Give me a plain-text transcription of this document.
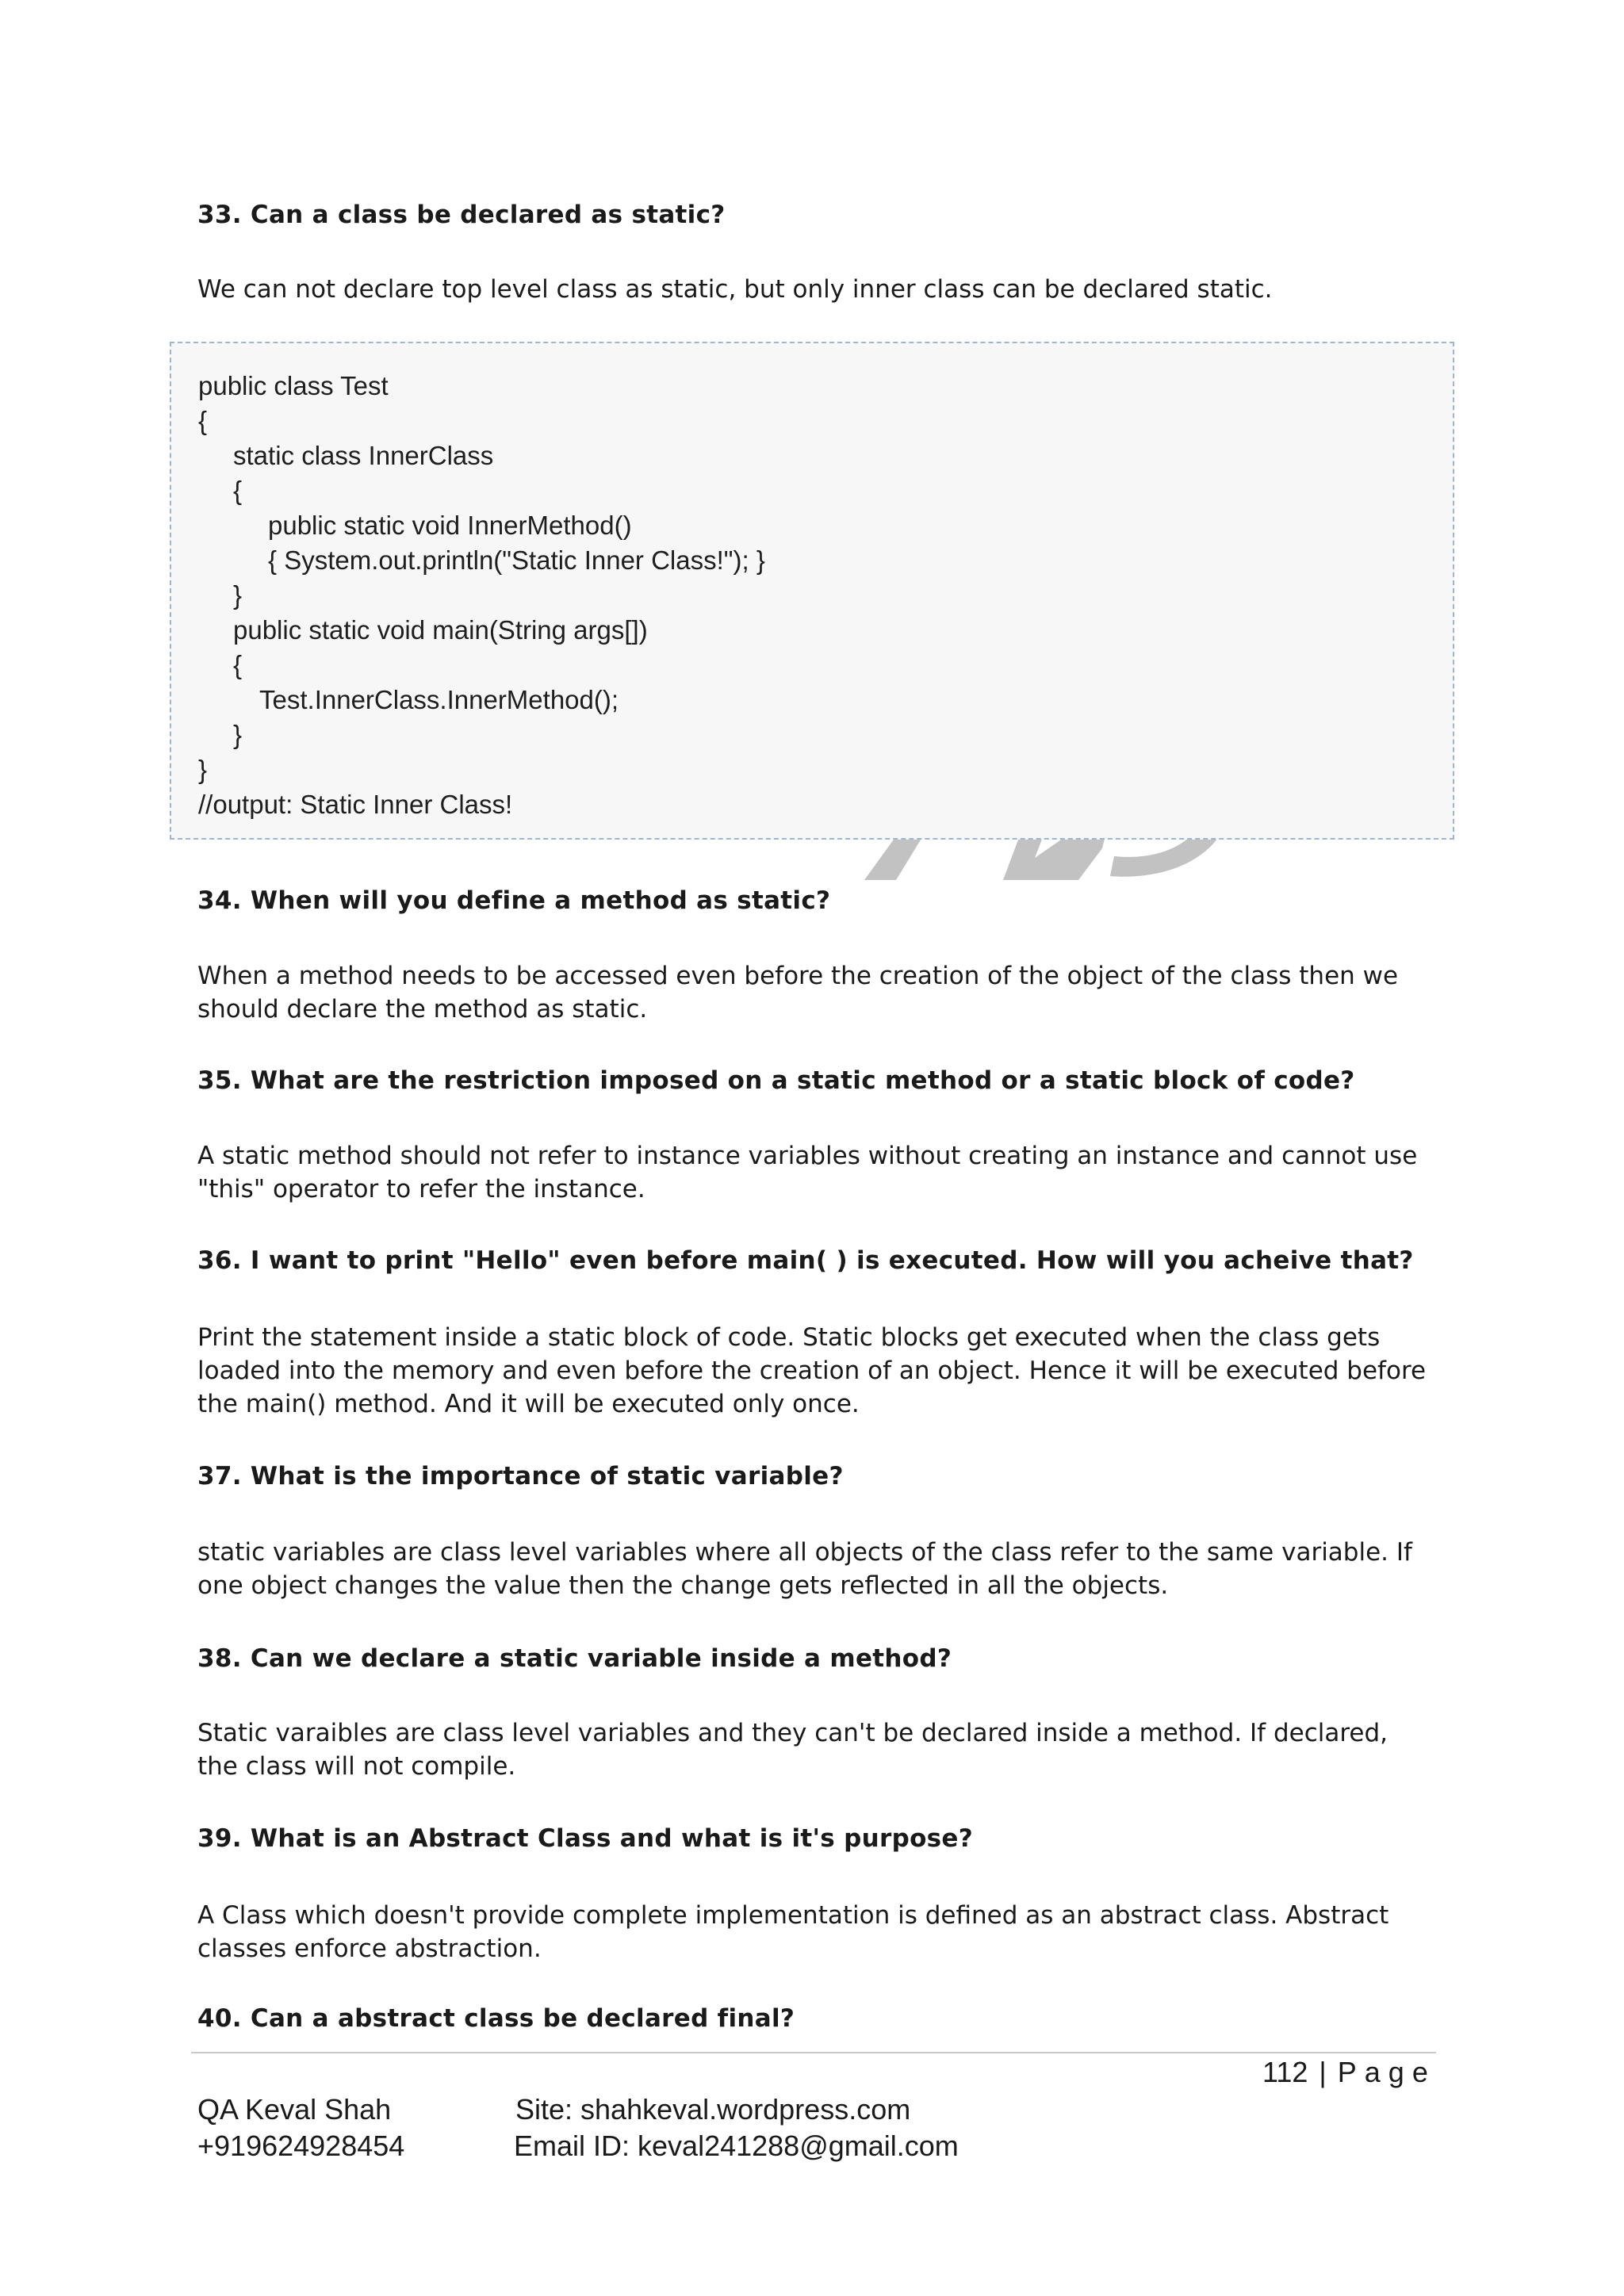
33. Can a class be declared as static?
We can not declare top level class as static, but only inner class can be declared static.
public class Test
{
static class InnerClass
{
public static void InnerMethod()
{ System.out.println("Static Inner Class!"); }
}
public static void main(String args[])
{
Test.InnerClass.InnerMethod();
}
}
//output: Static Inner Class!
34. When will you define a method as static?
When a method needs to be accessed even before the creation of the object of the class then we should declare the method as static.
35. What are the restriction imposed on a static method or a static block of code?
A static method should not refer to instance variables without creating an instance and cannot use "this" operator to refer the instance.
36. I want to print "Hello" even before main( ) is executed. How will you acheive that?
Print the statement inside a static block of code. Static blocks get executed when the class gets loaded into the memory and even before the creation of an object. Hence it will be executed before the main() method. And it will be executed only once.
37. What is the importance of static variable?
static variables are class level variables where all objects of the class refer to the same variable. If one object changes the value then the change gets reflected in all the objects.
38. Can we declare a static variable inside a method?
Static varaibles are class level variables and they can't be declared inside a method. If declared, the class will not compile.
39. What is an Abstract Class and what is it's purpose?
A Class which doesn't provide complete implementation is defined as an abstract class. Abstract classes enforce abstraction.
40. Can a abstract class be declared final?
112 | Page
QA Keval Shah
+919624928454
Site: shahkeval.wordpress.com
Email ID: keval241288@gmail.com
